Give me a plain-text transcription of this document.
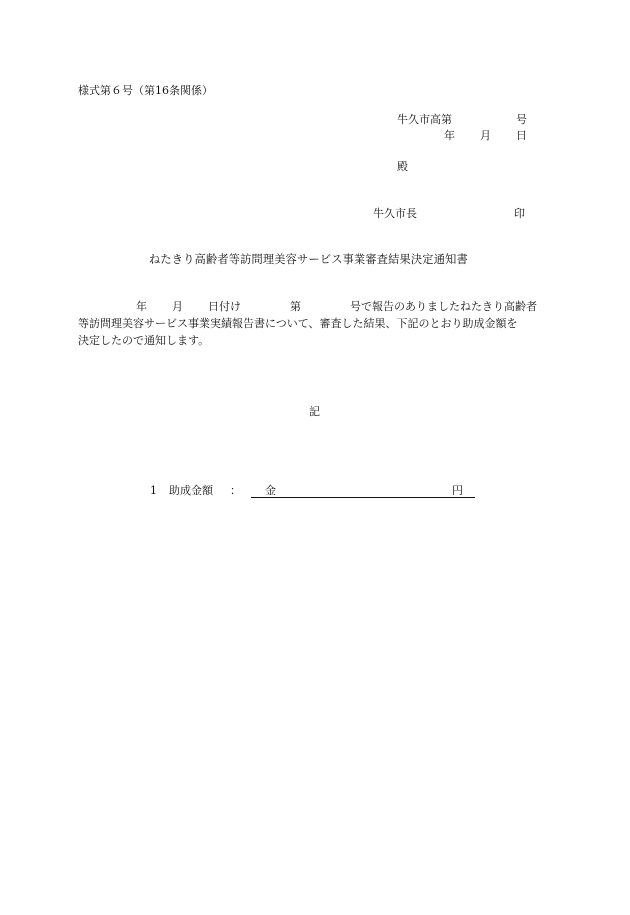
様式第６号（第16条関係）
牛久市高第	号
年 月 日
殿
牛久市長	印
ねたきり高齢者等訪問理美容サービス事業審査結果決定通知書
年 月 日付け	第	号で報告のありましたねたきり高齢者
等訪問理美容サービス事業実績報告書について、審査した結果、下記のとおり助成金額を
決定したので通知します。
記
1 助成金額 ： 金	円
